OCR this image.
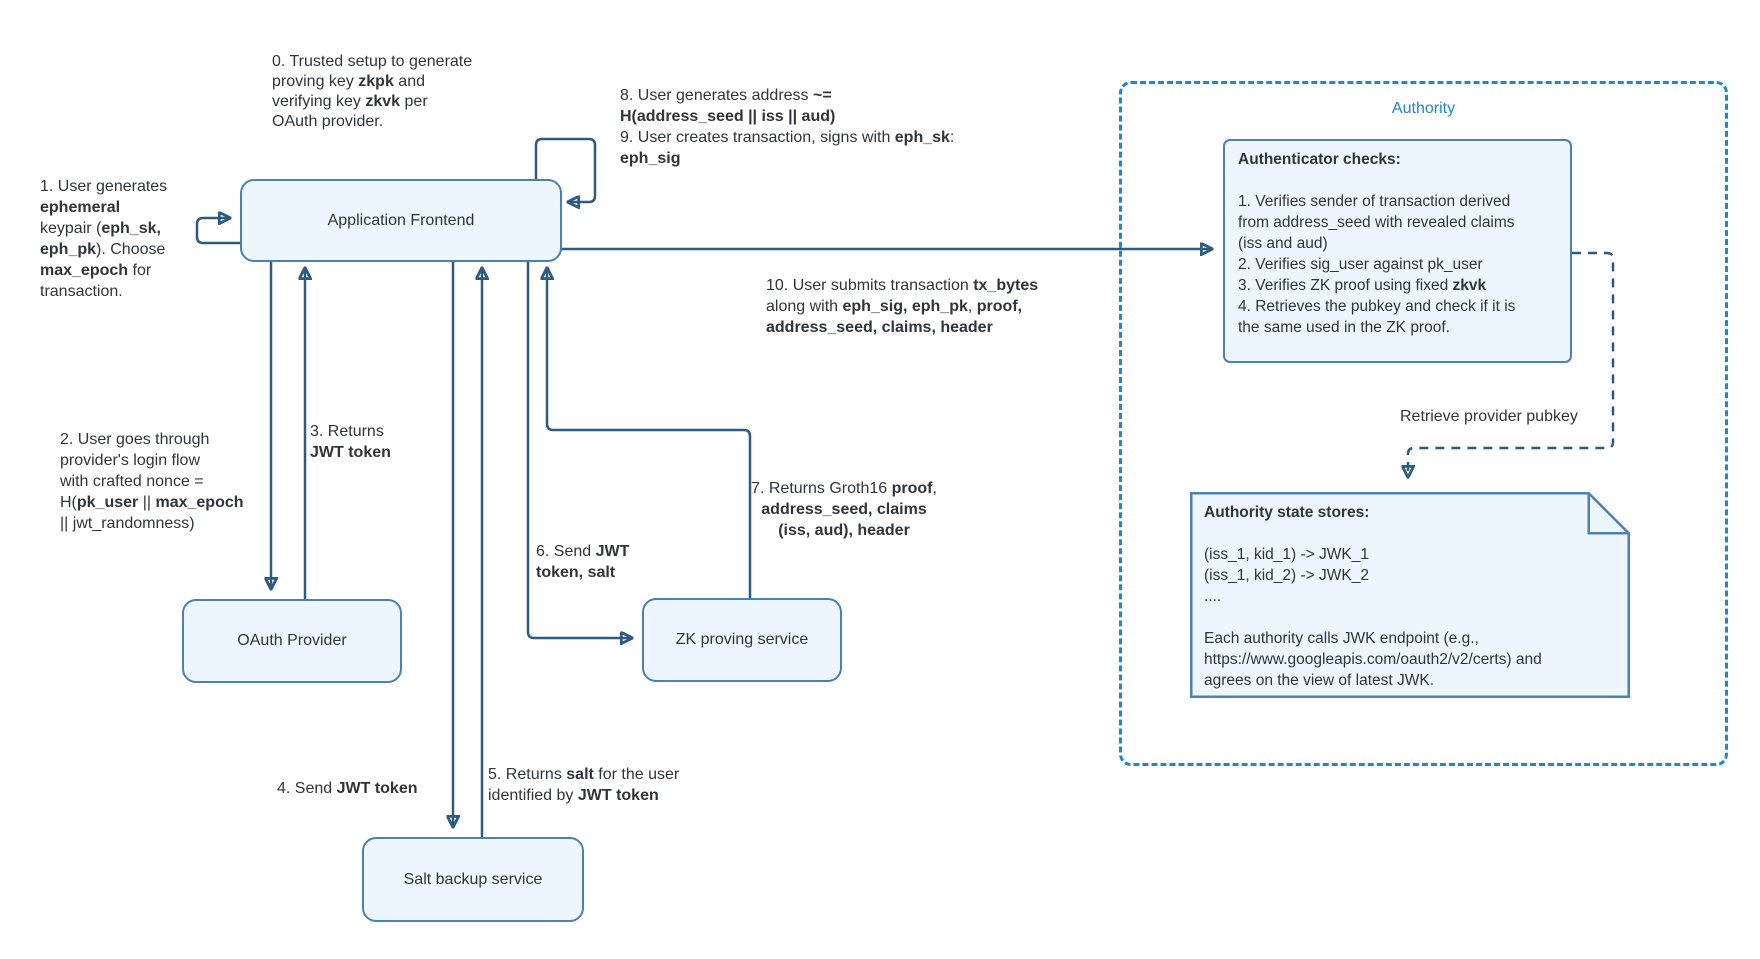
Authority
Authenticator checks:

1. Verifies sender of transaction derived
from address_seed with revealed claims
(iss and aud)
2. Verifies sig_user against pk_user
3. Verifies ZK proof using fixed zkvk
4. Retrieves the pubkey and check if it is
the same used in the ZK proof.
Authority state stores:

(iss_1, kid_1) -> JWK_1
(iss_1, kid_2) -> JWK_2
....

Each authority calls JWK endpoint (e.g.,
https://www.googleapis.com/oauth2/v2/certs) and
agrees on the view of latest JWK.
Application Frontend
OAuth Provider	ZK proving service
Salt backup service
0. Trusted setup to generate
proving key zkpk and
verifying key zkvk per
OAuth provider.
1. User generates
ephemeral
keypair (eph_sk,
eph_pk). Choose
max_epoch for
transaction.
2. User goes through
provider's login flow
with crafted nonce =
H(pk_user || max_epoch
|| jwt_randomness)
3. Returns
JWT token
4. Send JWT token
5. Returns salt for the user
identified by JWT token
6. Send JWT
token, salt
7. Returns Groth16 proof,
address_seed, claims
(iss, aud), header
8. User generates address ~=
H(address_seed || iss || aud)
9. User creates transaction, signs with eph_sk:
eph_sig
10. User submits transaction tx_bytes
along with eph_sig, eph_pk, proof,
address_seed, claims, header
Retrieve provider pubkey
